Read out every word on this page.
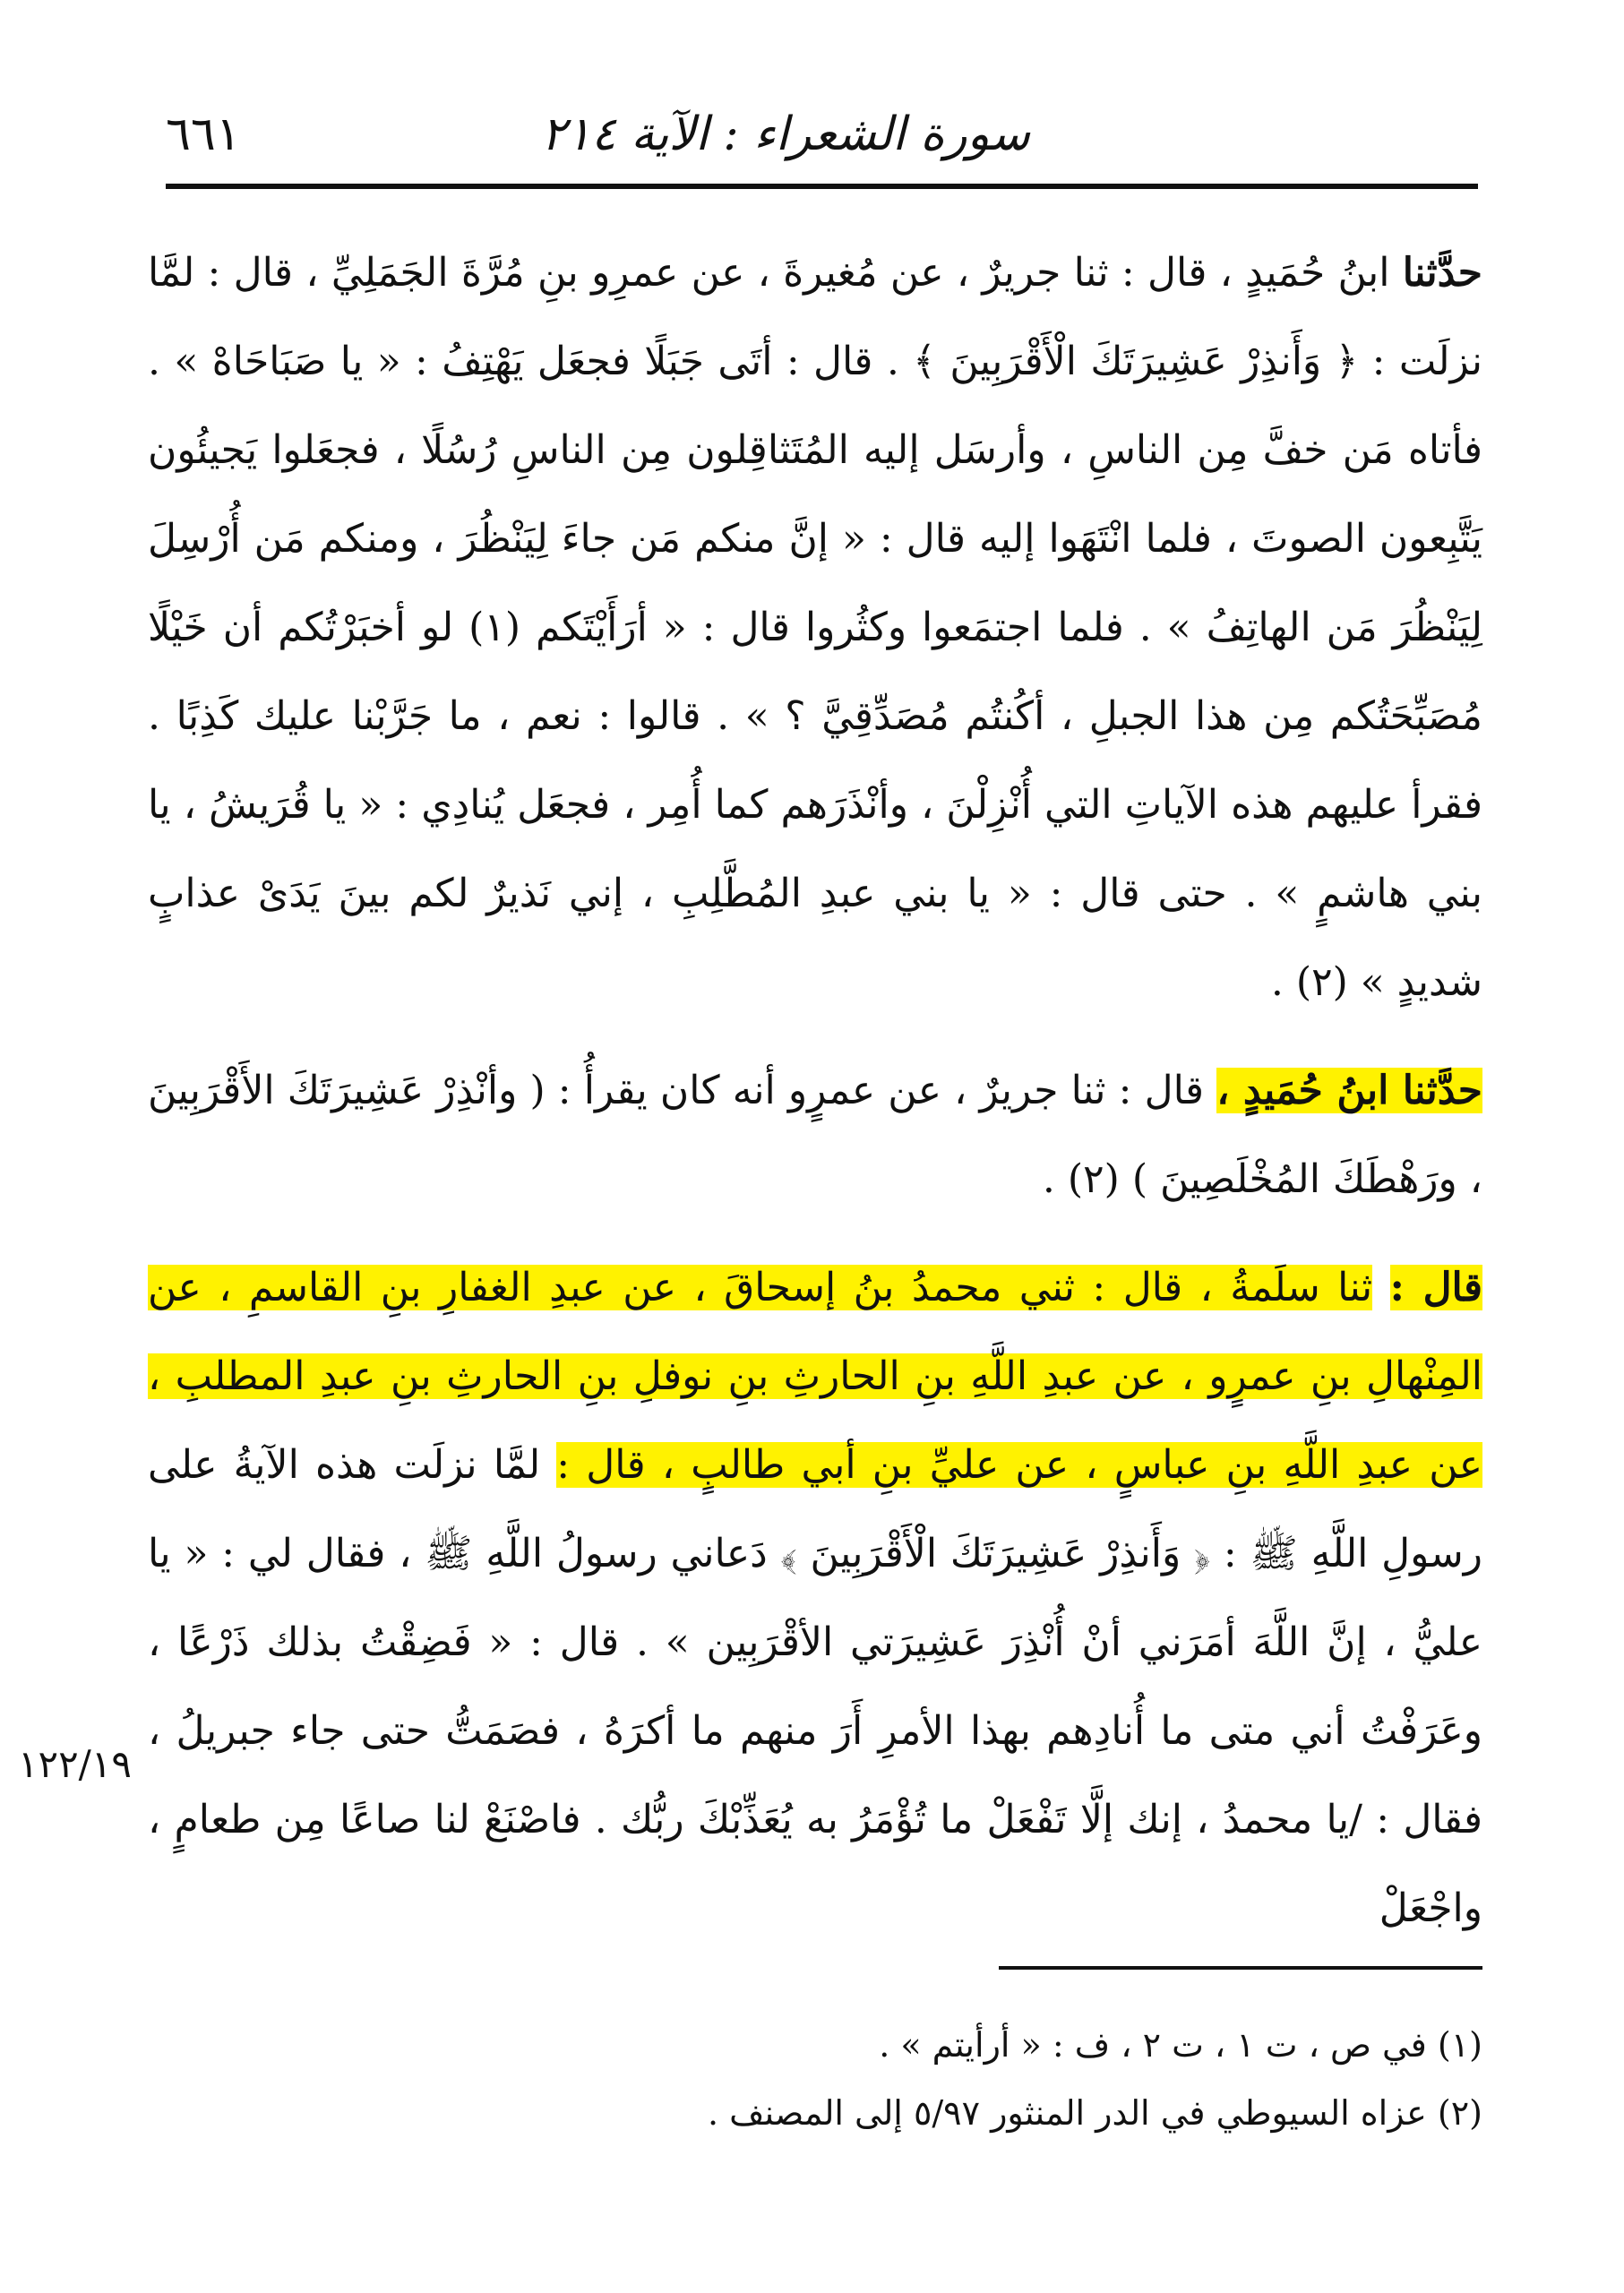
سورة الشعراء : الآية ٢١٤
٦٦١

حدَّثنا ابنُ حُمَيدٍ ، قال : ثنا جريرٌ ، عن مُغيرةَ ، عن عمرِو بنِ مُرَّةَ الجَمَلِيِّ ، قال : لمَّا نزلَت : ﴿ وَأَنذِرْ عَشِيرَتَكَ الْأَقْرَبِينَ ﴾ . قال : أتَى جَبَلًا فجعَل يَهْتِفُ : « يا صَبَاحَاهْ » . فأتاه مَن خفَّ مِن الناسِ ، وأرسَل إليه المُتَثاقِلون مِن الناسِ رُسُلًا ، فجعَلوا يَجيئُون يَتَّبِعون الصوتَ ، فلما انْتَهَوا إليه قال : « إنَّ منكم مَن جاءَ لِيَنْظُرَ ، ومنكم مَن أُرْسِلَ لِيَنْظُرَ مَن الهاتِفُ » . فلما اجتمَعوا وكثُروا قال : « أرَأَيْتَكم (١) لو أخبَرْتُكم أن خَيْلًا مُصَبِّحَتُكم مِن هذا الجبلِ ، أكُنتُم مُصَدِّقِيَّ ؟ » . قالوا : نعم ، ما جَرَّبْنا عليك كَذِبًا . فقرأ عليهم هذه الآياتِ التي أُنْزِلْنَ ، وأنْذَرَهم كما أُمِر ، فجعَل يُنادِي : « يا قُرَيشُ ، يا بني هاشمٍ » . حتى قال : « يا بني عبدِ المُطَّلِبِ ، إني نَذيرٌ لكم بينَ يَدَىْ عذابٍ شديدٍ » (٢) .

حدَّثنا ابنُ حُمَيدٍ ، قال : ثنا جريرٌ ، عن عمرٍو أنه كان يقرأُ : ( وأنْذِرْ عَشِيرَتَكَ الأَقْرَبِينَ ، ورَهْطَكَ المُخْلَصِينَ ) (٢) .

قال : ثنا سلَمةُ ، قال : ثني محمدُ بنُ إسحاقَ ، عن عبدِ الغفارِ بنِ القاسمِ ، عن المِنْهالِ بنِ عمرٍو ، عن عبدِ اللَّهِ بنِ الحارثِ بنِ نوفلِ بنِ الحارثِ بنِ عبدِ المطلبِ ، عن عبدِ اللَّهِ بنِ عباسٍ ، عن عليِّ بنِ أبي طالبٍ ، قال : لمَّا نزلَت هذه الآيةُ على رسولِ اللَّهِ ﷺ : ﴿ وَأَنذِرْ عَشِيرَتَكَ الْأَقْرَبِينَ ﴾ دَعاني رسولُ اللَّهِ ﷺ ، فقال لي : « يا عليُّ ، إنَّ اللَّهَ أمَرَني أنْ أُنْذِرَ عَشِيرَتي الأقْرَبِين » . قال : « فَضِقْتُ بذلك ذَرْعًا ، وعَرَفْتُ أني متى ما أُنادِهم بهذا الأمرِ أَرَ منهم ما أكرَهُ ، فصَمَتُّ حتى جاء جبريلُ ، فقال : /يا محمدُ ، إنك إلَّا تَفْعَلْ ما تُؤْمَرُ به يُعَذِّبْكَ ربُّك . فاصْنَعْ لنا صاعًا مِن طعامٍ ، واجْعَلْ

١٢٢/١٩
(١) في ص ، ت ١ ، ت ٢ ، ف : « أرأيتم » .
(٢) عزاه السيوطي في الدر المنثور ٥/٩٧ إلى المصنف .
